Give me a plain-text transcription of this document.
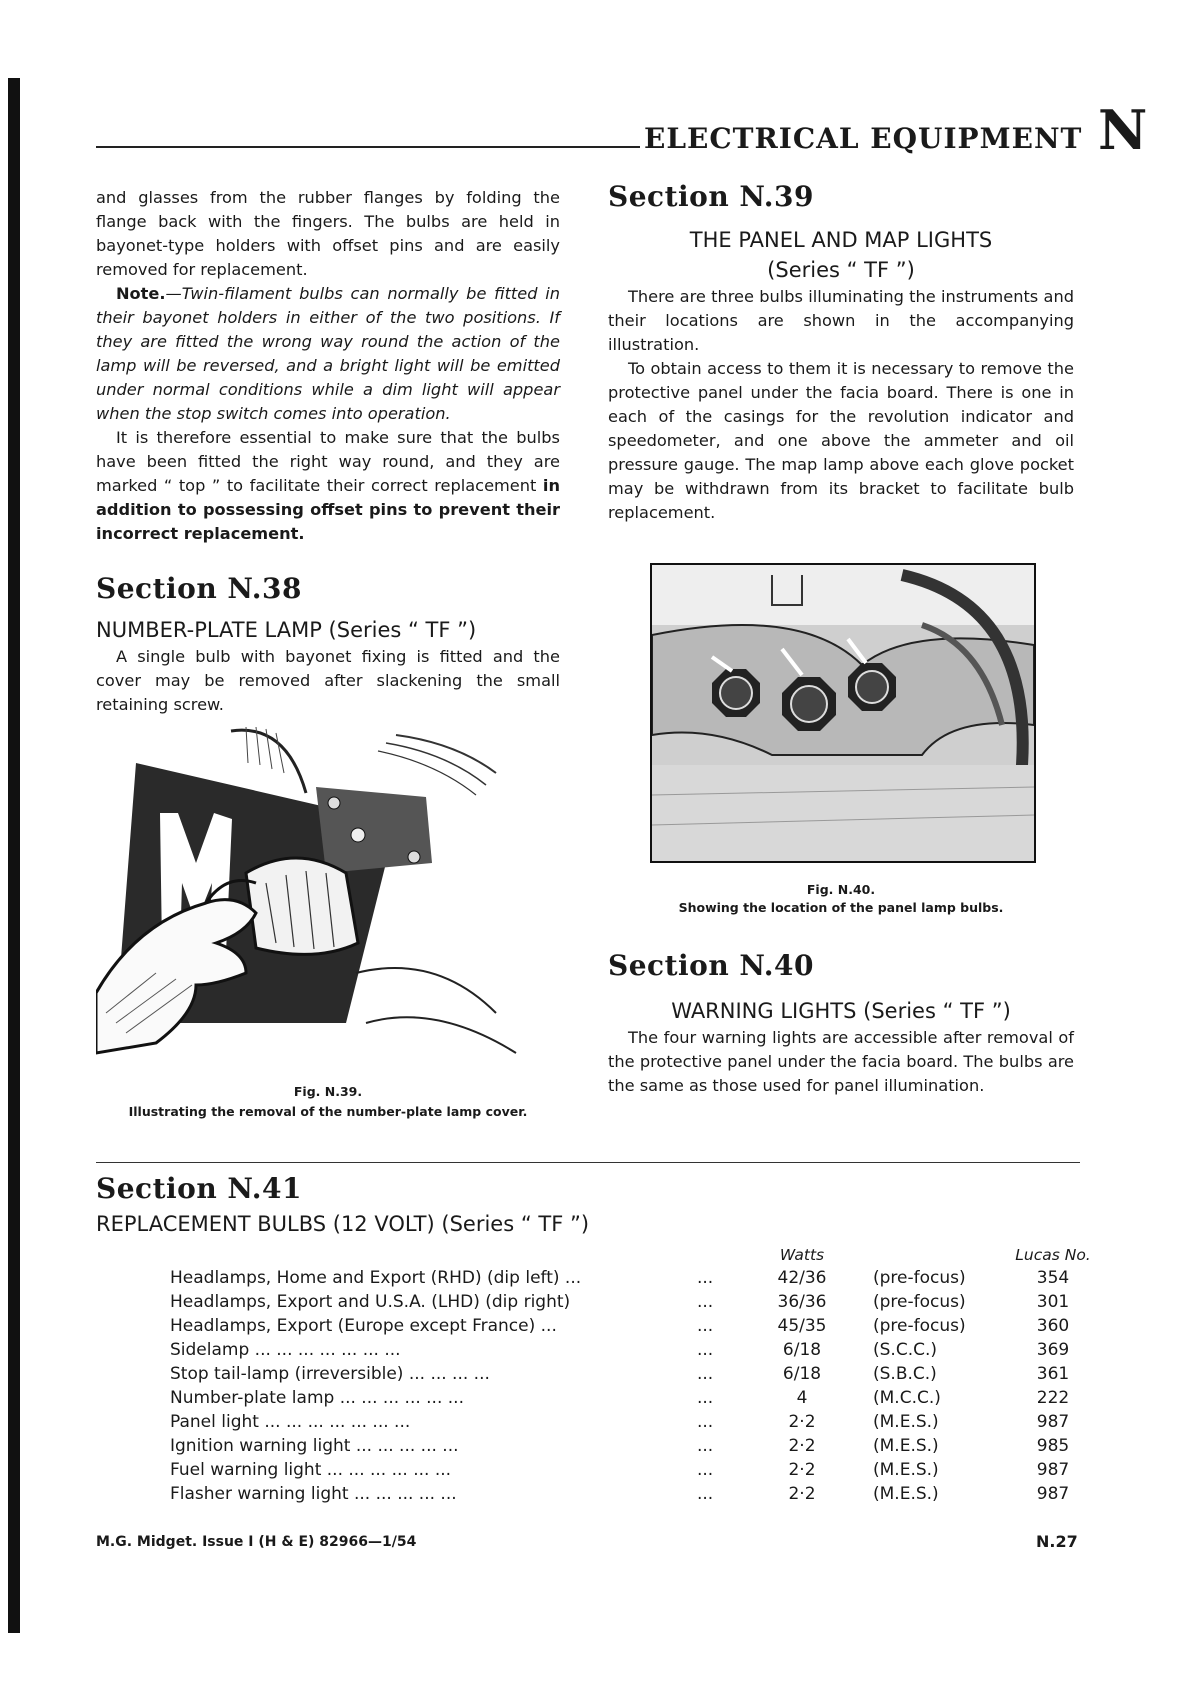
ELECTRICAL EQUIPMENT N

and glasses from the rubber flanges by folding the flange back with the fingers. The bulbs are held in bayonet-type holders with offset pins and are easily removed for replacement.

Note.—Twin-filament bulbs can normally be fitted in their bayonet holders in either of the two positions. If they are fitted the wrong way round the action of the lamp will be reversed, and a bright light will be emitted under normal conditions while a dim light will appear when the stop switch comes into operation.

It is therefore essential to make sure that the bulbs have been fitted the right way round, and they are marked “ top ” to facilitate their correct replacement in addition to possessing offset pins to prevent their incorrect replacement.

Section N.38
NUMBER-PLATE LAMP (Series “ TF ”)

A single bulb with bayonet fixing is fitted and the cover may be removed after slackening the small retaining screw.

Fig. N.39.

Illustrating the removal of the number-plate lamp cover.

Section N.39
THE PANEL AND MAP LIGHTS
(Series “ TF ”)

There are three bulbs illuminating the instruments and their locations are shown in the accompanying illustration.

To obtain access to them it is necessary to remove the protective panel under the facia board. There is one in each of the casings for the revolution indicator and speedometer, and one above the ammeter and oil pressure gauge. The map lamp above each glove pocket may be withdrawn from its bracket to facilitate bulb replacement.

Fig. N.40.

Showing the location of the panel lamp bulbs.

Section N.40
WARNING LIGHTS (Series “ TF ”)

The four warning lights are accessible after removal of the protective panel under the facia board. The bulbs are the same as those used for panel illumination.

Section N.41
REPLACEMENT BULBS (12 VOLT) (Series “ TF ”)
		Watts		Lucas No.
Headlamps, Home and Export (RHD) (dip left) ...	...	42/36	(pre-focus)	354
Headlamps, Export and U.S.A. (LHD) (dip right)	...	36/36	(pre-focus)	301
Headlamps, Export (Europe except France) ...	...	45/35	(pre-focus)	360
Sidelamp ... ... ... ... ... ... ...	...	6/18	(S.C.C.)	369
Stop tail-lamp (irreversible) ... ... ... ...	...	6/18	(S.B.C.)	361
Number-plate lamp ... ... ... ... ... ...	...	4	(M.C.C.)	222
Panel light ... ... ... ... ... ... ...	...	2·2	(M.E.S.)	987
Ignition warning light ... ... ... ... ...	...	2·2	(M.E.S.)	985
Fuel warning light ... ... ... ... ... ...	...	2·2	(M.E.S.)	987
Flasher warning light ... ... ... ... ...	...	2·2	(M.E.S.)	987

M.G. Midget. Issue I (H & E) 82966—1/54	N.27
